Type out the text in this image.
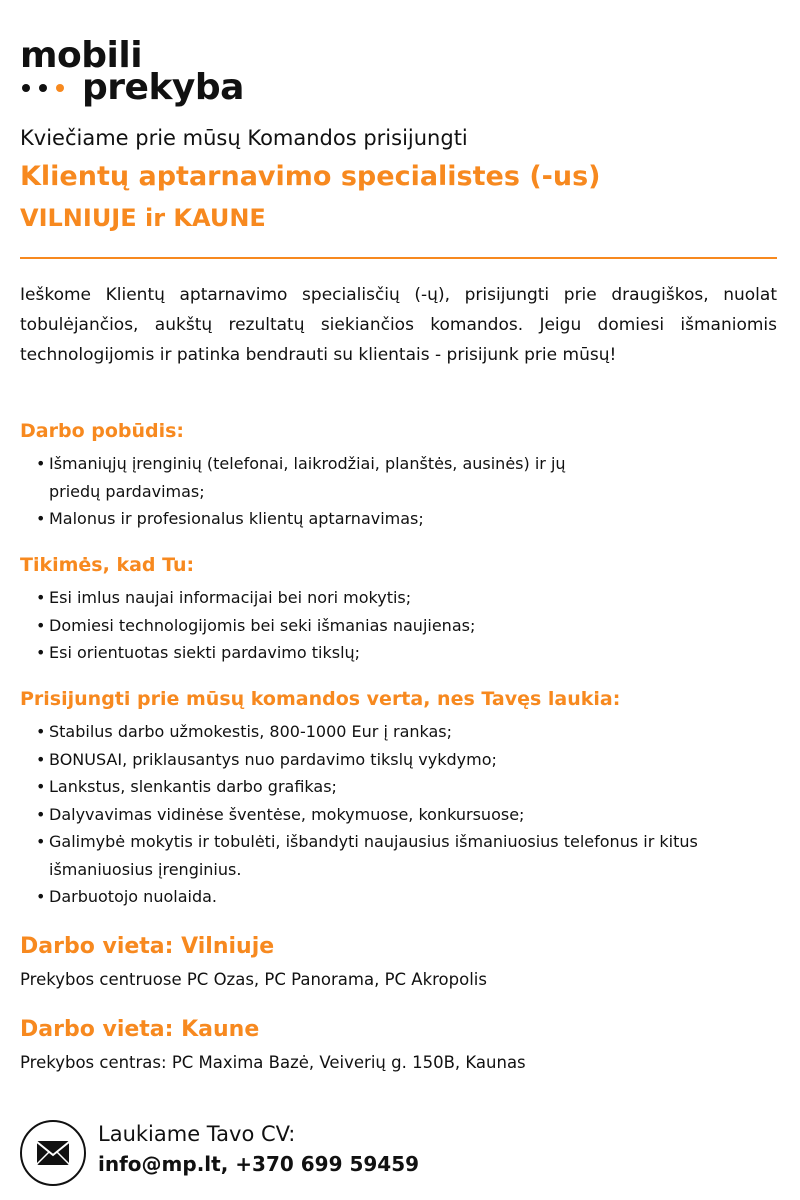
mobili
prekyba
Kviečiame prie mūsų Komandos prisijungti
Klientų aptarnavimo specialistes (-us)
VILNIUJE ir KAUNE

Ieškome Klientų aptarnavimo specialisčių (-ų), prisijungti prie draugiškos, nuolat tobulėjančios, aukštų rezultatų siekiančios komandos. Jeigu domiesi išmaniomis technologijomis ir patinka bendrauti su klientais - prisijunk prie mūsų!

Darbo pobūdis:
• Išmaniųjų įrenginių (telefonai, laikrodžiai, planštės, ausinės) ir jų priedų pardavimas;
• Malonus ir profesionalus klientų aptarnavimas;
Tikimės, kad Tu:
• Esi imlus naujai informacijai bei nori mokytis;
• Domiesi technologijomis bei seki išmanias naujienas;
• Esi orientuotas siekti pardavimo tikslų;
Prisijungti prie mūsų komandos verta, nes Tavęs laukia:
• Stabilus darbo užmokestis, 800-1000 Eur į rankas;
• BONUSAI, priklausantys nuo pardavimo tikslų vykdymo;
• Lankstus, slenkantis darbo grafikas;
• Dalyvavimas vidinėse šventėse, mokymuose, konkursuose;
• Galimybė mokytis ir tobulėti, išbandyti naujausius išmaniuosius telefonus ir kitus išmaniuosius įrenginius.
• Darbuotojo nuolaida.
Darbo vieta: Vilniuje
Prekybos centruose PC Ozas, PC Panorama, PC Akropolis
Darbo vieta: Kaune
Prekybos centras: PC Maxima Bazė, Veiverių g. 150B, Kaunas
Laukiame Tavo CV:
info@mp.lt, +370 699 59459
